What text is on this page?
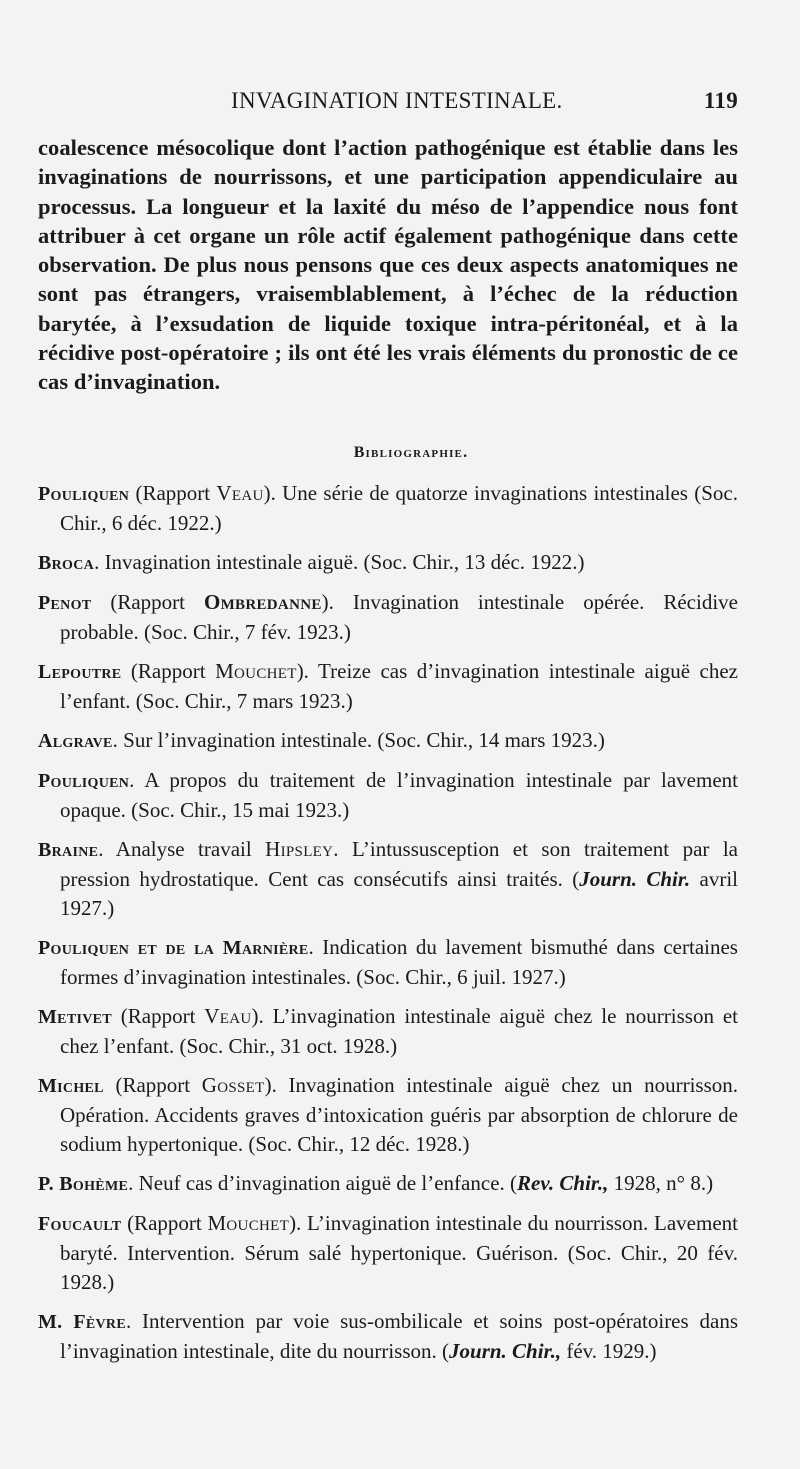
INVAGINATION INTESTINALE.	119
coalescence mésocolique dont l’action pathogénique est établie dans les invaginations de nourrissons, et une participation appendiculaire au processus. La longueur et la laxité du méso de l’appendice nous font attribuer à cet organe un rôle actif également pathogénique dans cette observation. De plus nous pensons que ces deux aspects anatomiques ne sont pas étrangers, vraisemblablement, à l’échec de la réduction barytée, à l’exsudation de liquide toxique intra-péritonéal, et à la récidive post-opératoire ; ils ont été les vrais éléments du pronostic de ce cas d’invagination.
Bibliographie.
Pouliquen (Rapport Veau). Une série de quatorze invaginations intestinales (Soc. Chir., 6 déc. 1922.)
Broca. Invagination intestinale aiguë. (Soc. Chir., 13 déc. 1922.)
Penot (Rapport Ombredanne). Invagination intestinale opérée. Récidive probable. (Soc. Chir., 7 fév. 1923.)
Lepoutre (Rapport Mouchet). Treize cas d’invagination intestinale aiguë chez l’enfant. (Soc. Chir., 7 mars 1923.)
Algrave. Sur l’invagination intestinale. (Soc. Chir., 14 mars 1923.)
Pouliquen. A propos du traitement de l’invagination intestinale par lavement opaque. (Soc. Chir., 15 mai 1923.)
Braine. Analyse travail Hipsley. L’intussusception et son traitement par la pression hydrostatique. Cent cas consécutifs ainsi traités. (Journ. Chir. avril 1927.)
Pouliquen et de la Marnière. Indication du lavement bismuthé dans certaines formes d’invagination intestinales. (Soc. Chir., 6 juil. 1927.)
Metivet (Rapport Veau). L’invagination intestinale aiguë chez le nourrisson et chez l’enfant. (Soc. Chir., 31 oct. 1928.)
Michel (Rapport Gosset). Invagination intestinale aiguë chez un nourrisson. Opération. Accidents graves d’intoxication guéris par absorption de chlorure de sodium hypertonique. (Soc. Chir., 12 déc. 1928.)
P. Bohème. Neuf cas d’invagination aiguë de l’enfance. (Rev. Chir., 1928, n° 8.)
Foucault (Rapport Mouchet). L’invagination intestinale du nourrisson. Lavement baryté. Intervention. Sérum salé hypertonique. Guérison. (Soc. Chir., 20 fév. 1928.)
M. Fèvre. Intervention par voie sus-ombilicale et soins post-opératoires dans l’invagination intestinale, dite du nourrisson. (Journ. Chir., fév. 1929.)
